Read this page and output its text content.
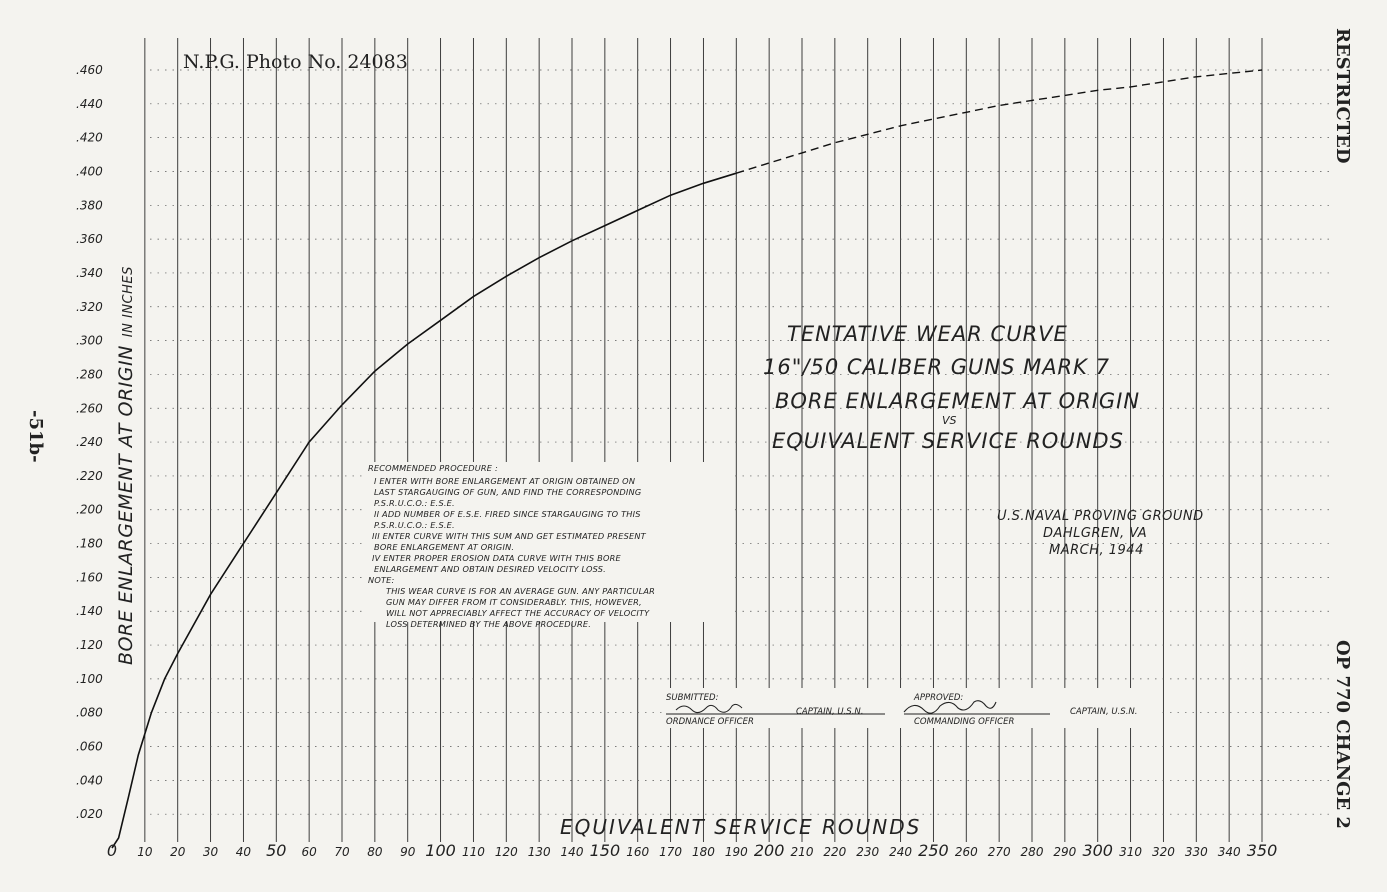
.020
.040
.060
.080
.100
.120
.140
.160
.180
.200
.220
.240
.260
.280
.300
.320
.340
.360
.380
.400
.420
.440
.460
0 10 20 30 40 50 60 70 80 90 100 110 120 130 140 150 160 170 180 190 200 210 220 230 240 250 260 270 280 290 300 310 320 330 340 350
N.P.G. Photo No. 24083	RESTRICTED
OP 770 CHANGE 2
-51b-	BORE ENLARGEMENT AT ORIGININ INCHES
EQUIVALENT SERVICE ROUNDS
TENTATIVE WEAR CURVE
16"/50 CALIBER GUNS MARK 7
BORE ENLARGEMENT AT ORIGIN
VS
EQUIVALENT SERVICE ROUNDS
U.S.NAVAL PROVING GROUND
DAHLGREN, VA
MARCH, 1944
RECOMMENDED PROCEDURE :
I ENTER WITH BORE ENLARGEMENT AT ORIGIN OBTAINED ON
LAST STARGAUGING OF GUN, AND FIND THE CORRESPONDING
P.S.R.U.C.O.: E.S.E.
II ADD NUMBER OF E.S.E. FIRED SINCE STARGAUGING TO THIS
P.S.R.U.C.O.: E.S.E.
III ENTER CURVE WITH THIS SUM AND GET ESTIMATED PRESENT
BORE ENLARGEMENT AT ORIGIN.
IV ENTER PROPER EROSION DATA CURVE WITH THIS BORE
ENLARGEMENT AND OBTAIN DESIRED VELOCITY LOSS.
NOTE:
THIS WEAR CURVE IS FOR AN AVERAGE GUN. ANY PARTICULAR
GUN MAY DIFFER FROM IT CONSIDERABLY. THIS, HOWEVER,
WILL NOT APPRECIABLY AFFECT THE ACCURACY OF VELOCITY
LOSS DETERMINED BY THE ABOVE PROCEDURE.
SUBMITTED:
ORDNANCE OFFICER
CAPTAIN, U.S.N.
APPROVED:
COMMANDING OFFICER
CAPTAIN, U.S.N.
